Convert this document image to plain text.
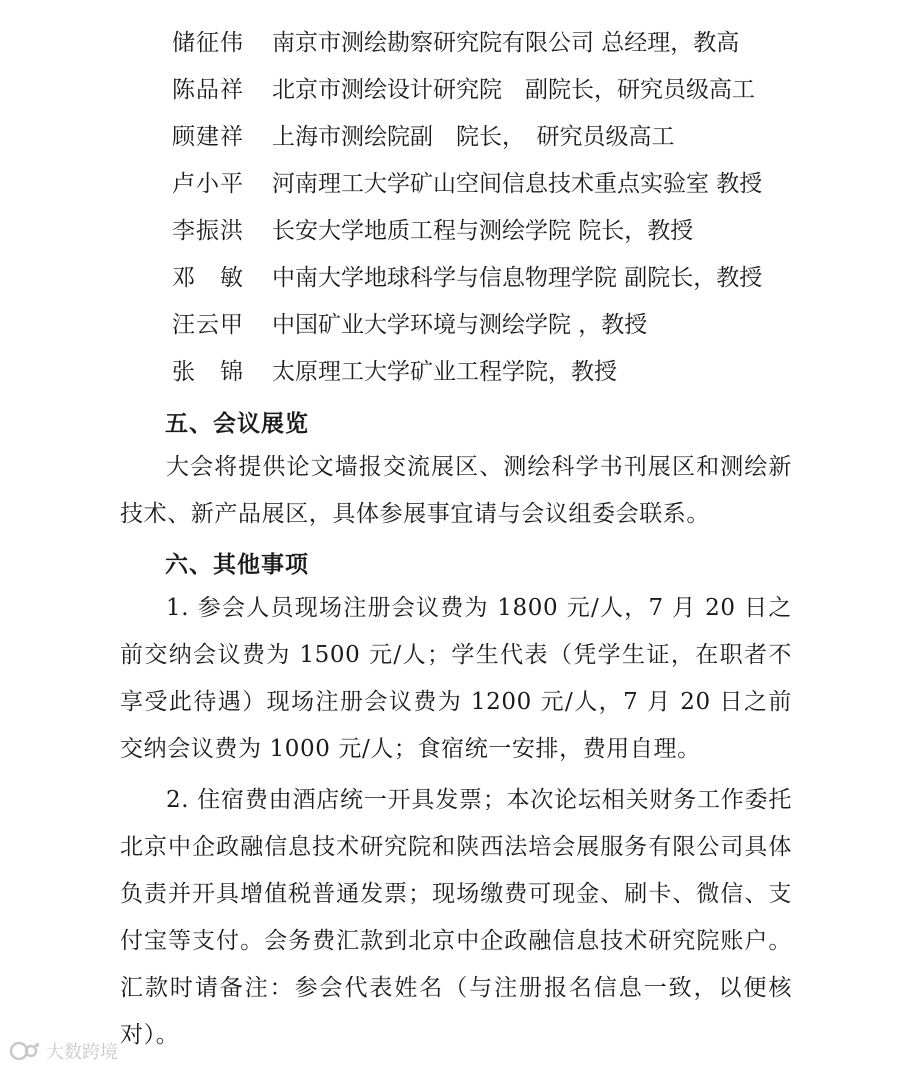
储征伟	南京市测绘勘察研究院有限公司 总经理，教高
陈品祥	北京市测绘设计研究院　副院长，研究员级高工
顾建祥	上海市测绘院副　院长，　研究员级高工
卢小平	河南理工大学矿山空间信息技术重点实验室 教授
李振洪	长安大学地质工程与测绘学院 院长，教授
邓敏 中南大学地球科学与信息物理学院 副院长，教授
汪云甲	中国矿业大学环境与测绘学院 ，教授
张锦 太原理工大学矿业工程学院，教授
五、会议展览
大会将提供论文墙报交流展区、测绘科学书刊展区和测绘新技术、新产品展区，具体参展事宜请与会议组委会联系。
六、其他事项
1. 参会人员现场注册会议费为 1800 元/人，7 月 20 日之前交纳会议费为 1500 元/人；学生代表（凭学生证，在职者不享受此待遇）现场注册会议费为 1200 元/人，7 月 20 日之前交纳会议费为 1000 元/人；食宿统一安排，费用自理。
2. 住宿费由酒店统一开具发票；本次论坛相关财务工作委托北京中企政融信息技术研究院和陕西法培会展服务有限公司具体负责并开具增值税普通发票；现场缴费可现金、刷卡、微信、支付宝等支付。会务费汇款到北京中企政融信息技术研究院账户。汇款时请备注：参会代表姓名（与注册报名信息一致，以便核对）。
大数跨境
